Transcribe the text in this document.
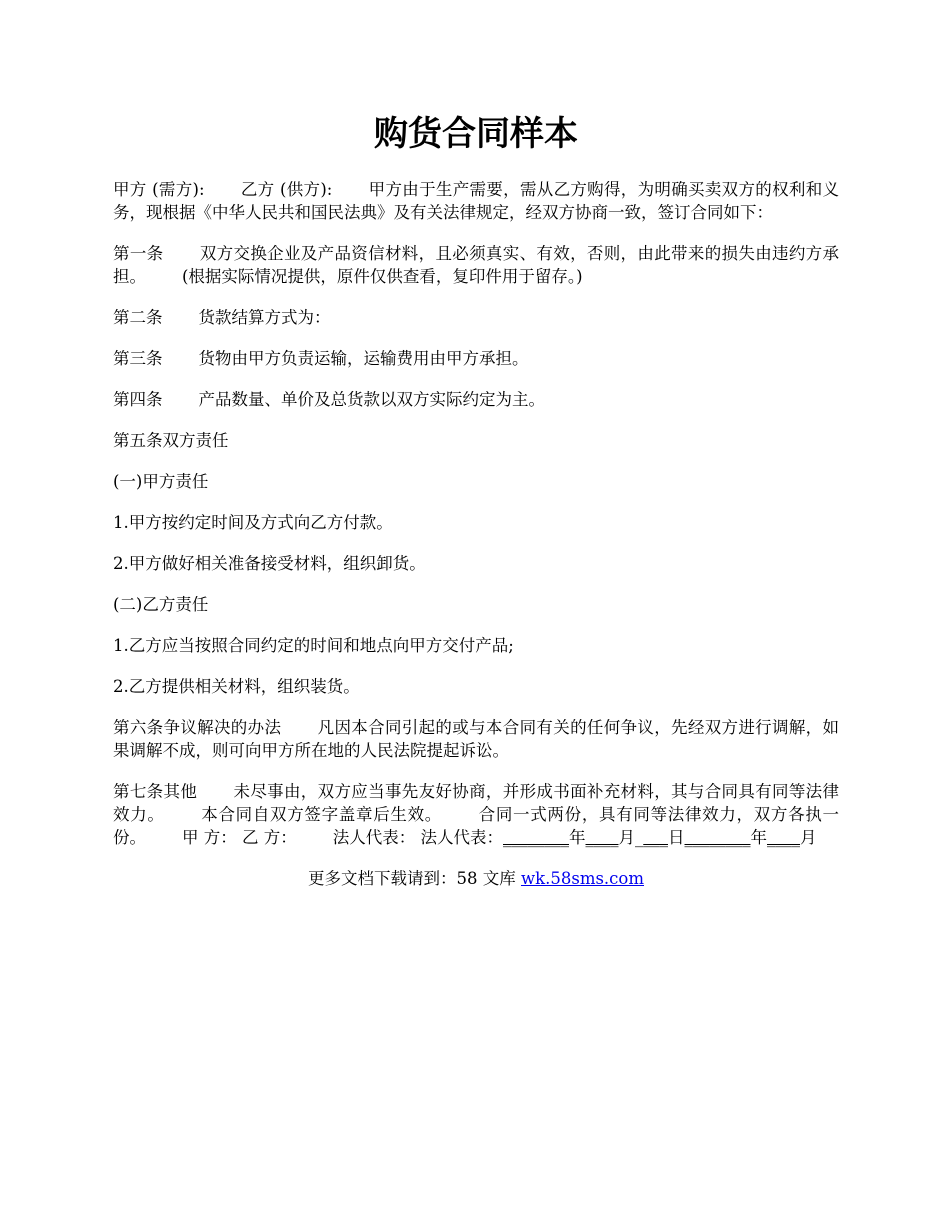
购货合同样本

甲方 (需方): 乙方 (供方): 甲方由于生产需要，需从乙方购得，为明确买卖双方的权利和义务，现根据《中华人民共和国民法典》及有关法律规定，经双方协商一致，签订合同如下：

第一条 双方交换企业及产品资信材料，且必须真实、有效，否则，由此带来的损失由违约方承担。 (根据实际情况提供，原件仅供查看，复印件用于留存。)

第二条 货款结算方式为：

第三条 货物由甲方负责运输，运输费用由甲方承担。

第四条 产品数量、单价及总货款以双方实际约定为主。

第五条双方责任

(一)甲方责任

1.甲方按约定时间及方式向乙方付款。

2.甲方做好相关准备接受材料，组织卸货。

(二)乙方责任

1.乙方应当按照合同约定的时间和地点向甲方交付产品;

2.乙方提供相关材料，组织装货。

第六条争议解决的办法 凡因本合同引起的或与本合同有关的任何争议，先经双方进行调解，如果调解不成，则可向甲方所在地的人民法院提起诉讼。

第七条其他 未尽事由，双方应当事先友好协商，并形成书面补充材料，其与合同具有同等法律效力。 本合同自双方签字盖章后生效。 合同一式两份，具有同等法律效力，双方各执一份。 甲 方： 乙 方： 法人代表： 法人代表：________年____月____日________年____月

更多文档下载请到：58 文库 wk.58sms.com
